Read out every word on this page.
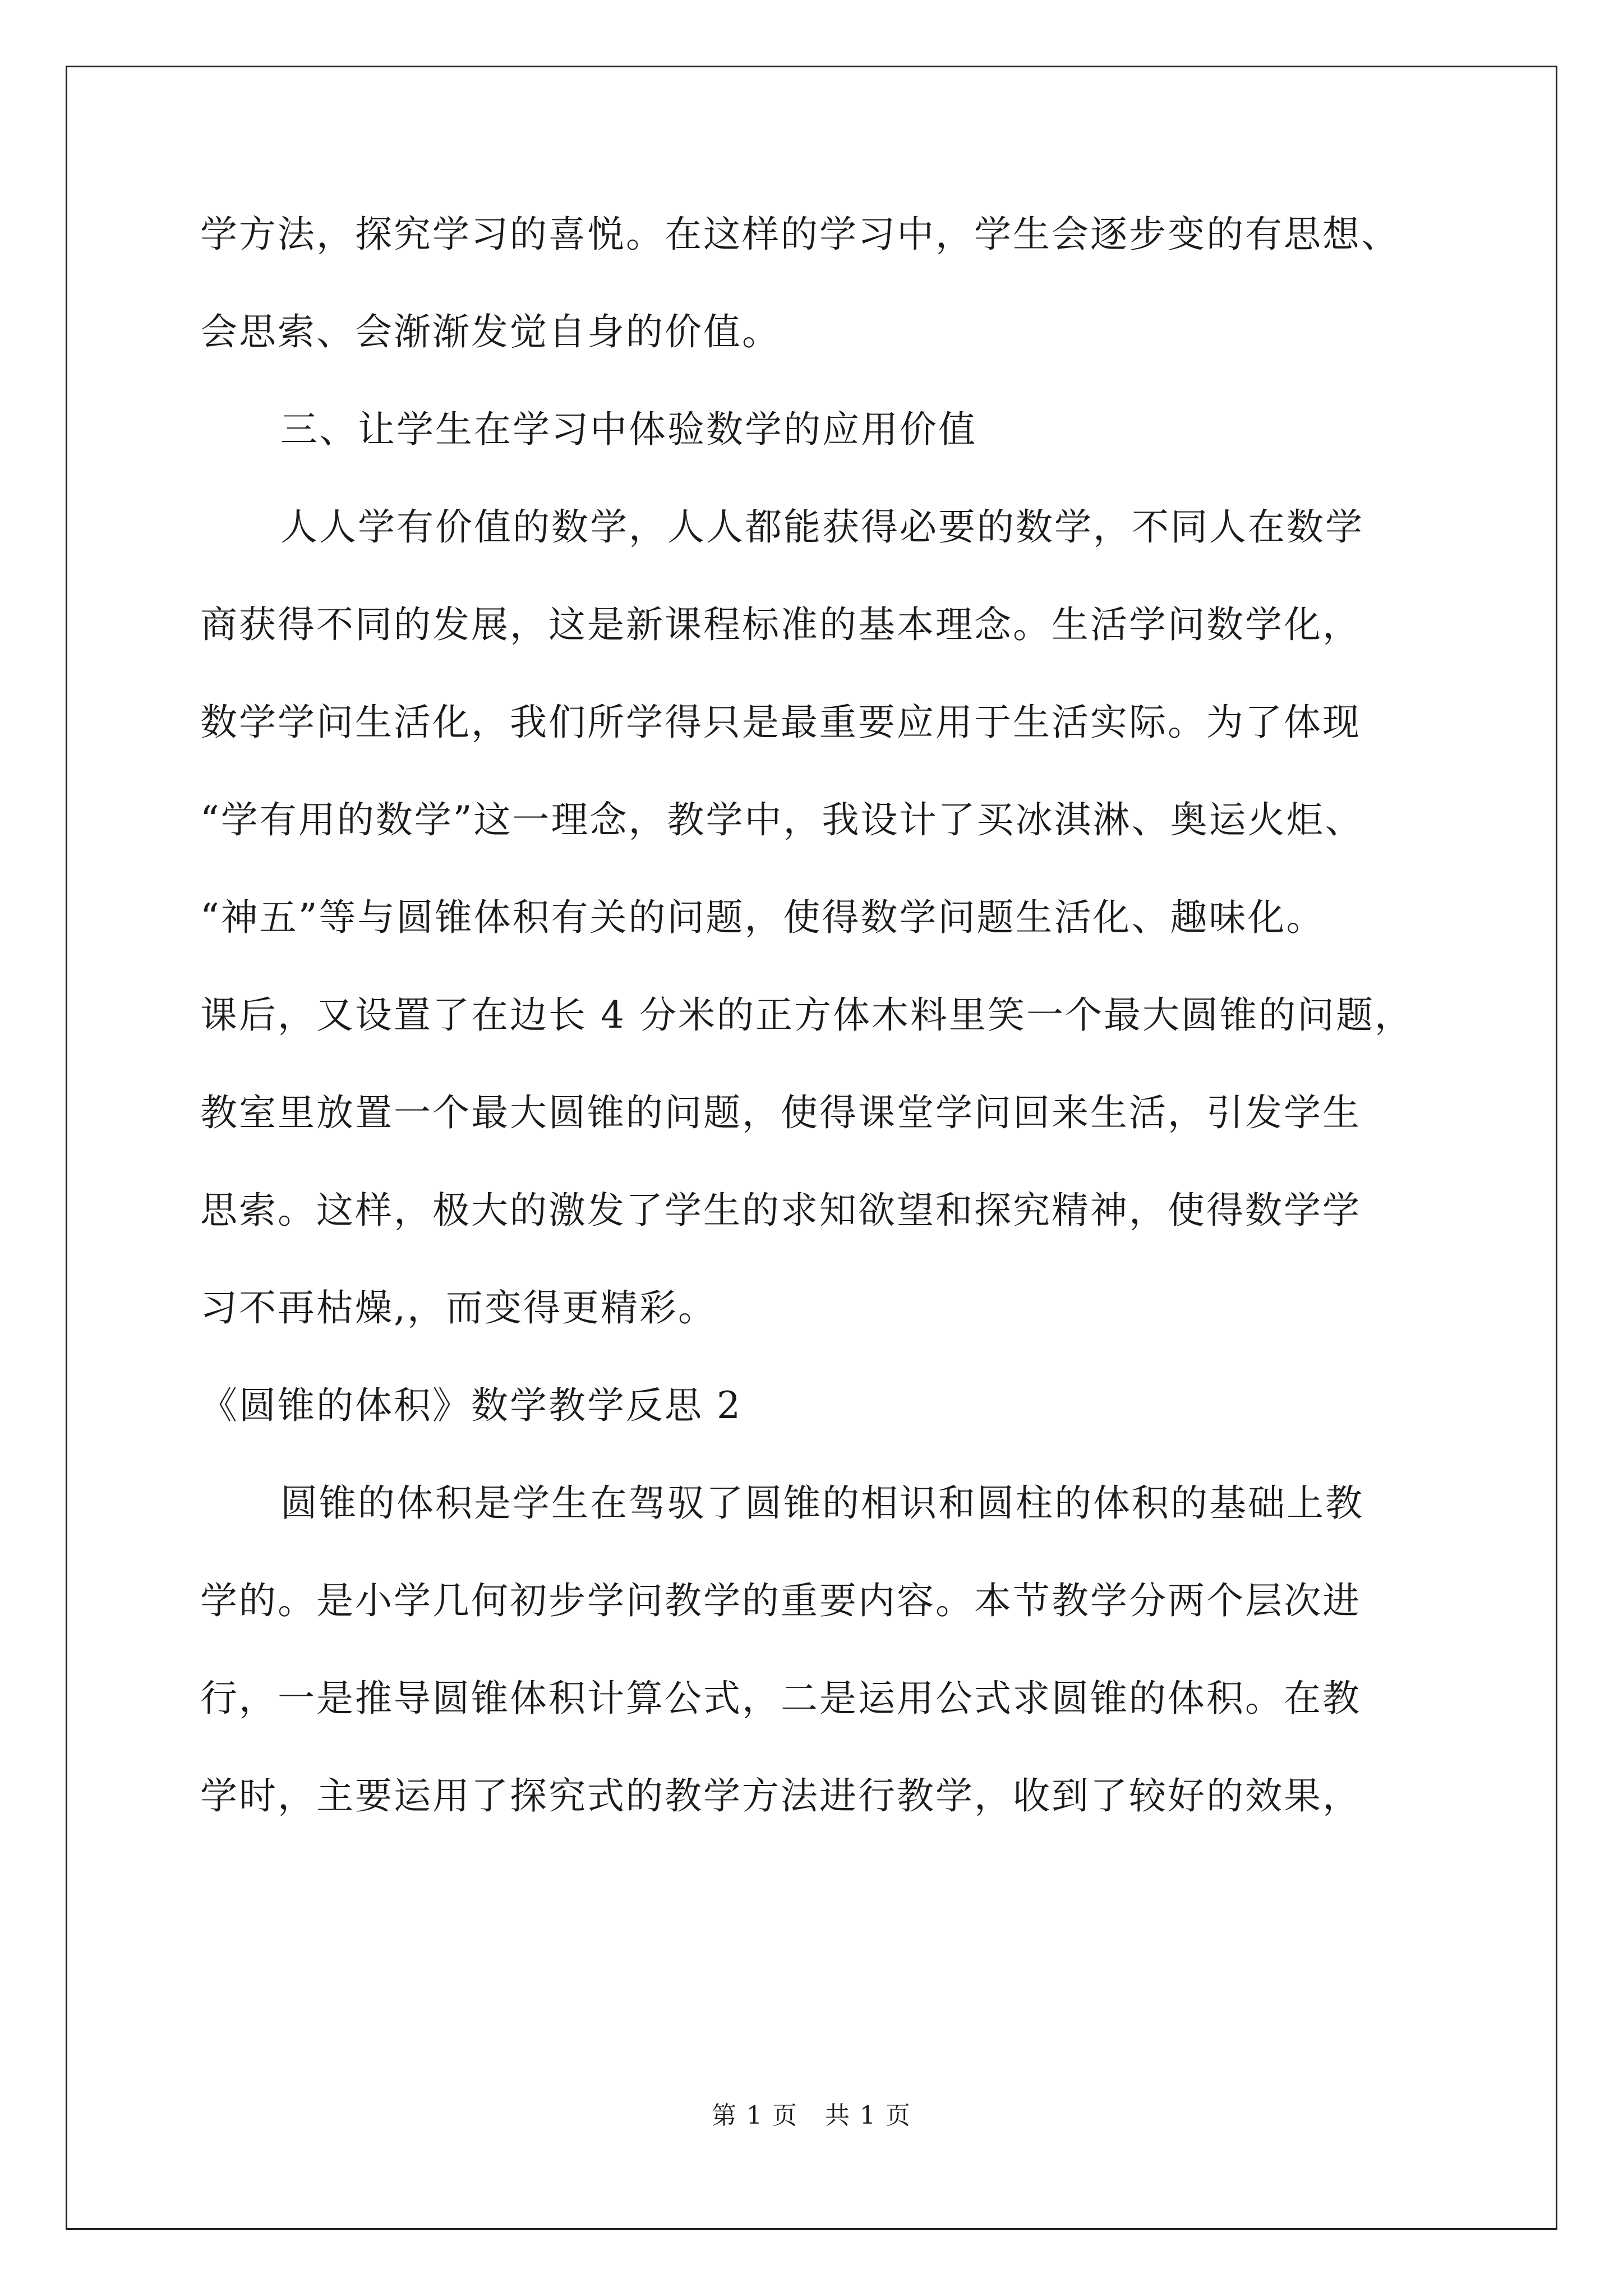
学方法，探究学习的喜悦。在这样的学习中，学生会逐步变的有思想、
会思索、会渐渐发觉自身的价值。
三、让学生在学习中体验数学的应用价值
人人学有价值的数学，人人都能获得必要的数学，不同人在数学
商获得不同的发展，这是新课程标准的基本理念。生活学问数学化，
数学学问生活化，我们所学得只是最重要应用于生活实际。为了体现
“学有用的数学”这一理念，教学中，我设计了买冰淇淋、奥运火炬、
“神五”等与圆锥体积有关的问题，使得数学问题生活化、趣味化。
课后，又设置了在边长 4 分米的正方体木料里笑一个最大圆锥的问题，
教室里放置一个最大圆锥的问题，使得课堂学问回来生活，引发学生
思索。这样，极大的激发了学生的求知欲望和探究精神，使得数学学
习不再枯燥,，而变得更精彩。
《圆锥的体积》数学教学反思 2
圆锥的体积是学生在驾驭了圆锥的相识和圆柱的体积的基础上教
学的。是小学几何初步学问教学的重要内容。本节教学分两个层次进
行，一是推导圆锥体积计算公式，二是运用公式求圆锥的体积。在教
学时，主要运用了探究式的教学方法进行教学，收到了较好的效果，
第 1 页 共 1 页
